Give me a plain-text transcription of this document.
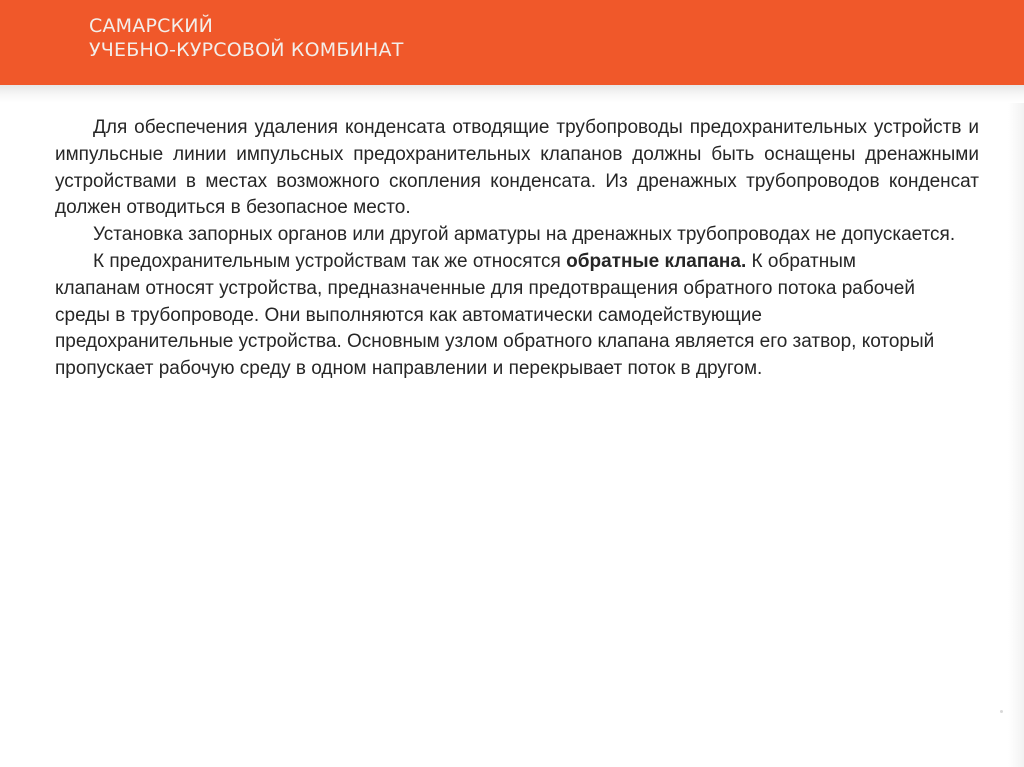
САМАРСКИЙ
УЧЕБНО-КУРСОВОЙ КОМБИНАТ

Для обеспечения удаления конденсата отводящие трубопроводы предохранительных устройств и импульсные линии импульсных предохранительных клапанов должны быть оснащены дренажными устройствами в местах возможного скопления конденсата. Из дренажных трубопроводов конденсат должен отводиться в безопасное место.

Установка запорных органов или другой арматуры на дренажных трубопроводах не допускается.

К предохранительным устройствам так же относятся обратные клапана. К обратным клапанам относят устройства, предназначенные для предотвращения обратного потока рабочей среды в трубопроводе. Они выполняются как автоматически самодействующие предохранительные устройства. Основным узлом обратного клапана является его затвор, который пропускает рабочую среду в одном направлении и перекрывает поток в другом.
